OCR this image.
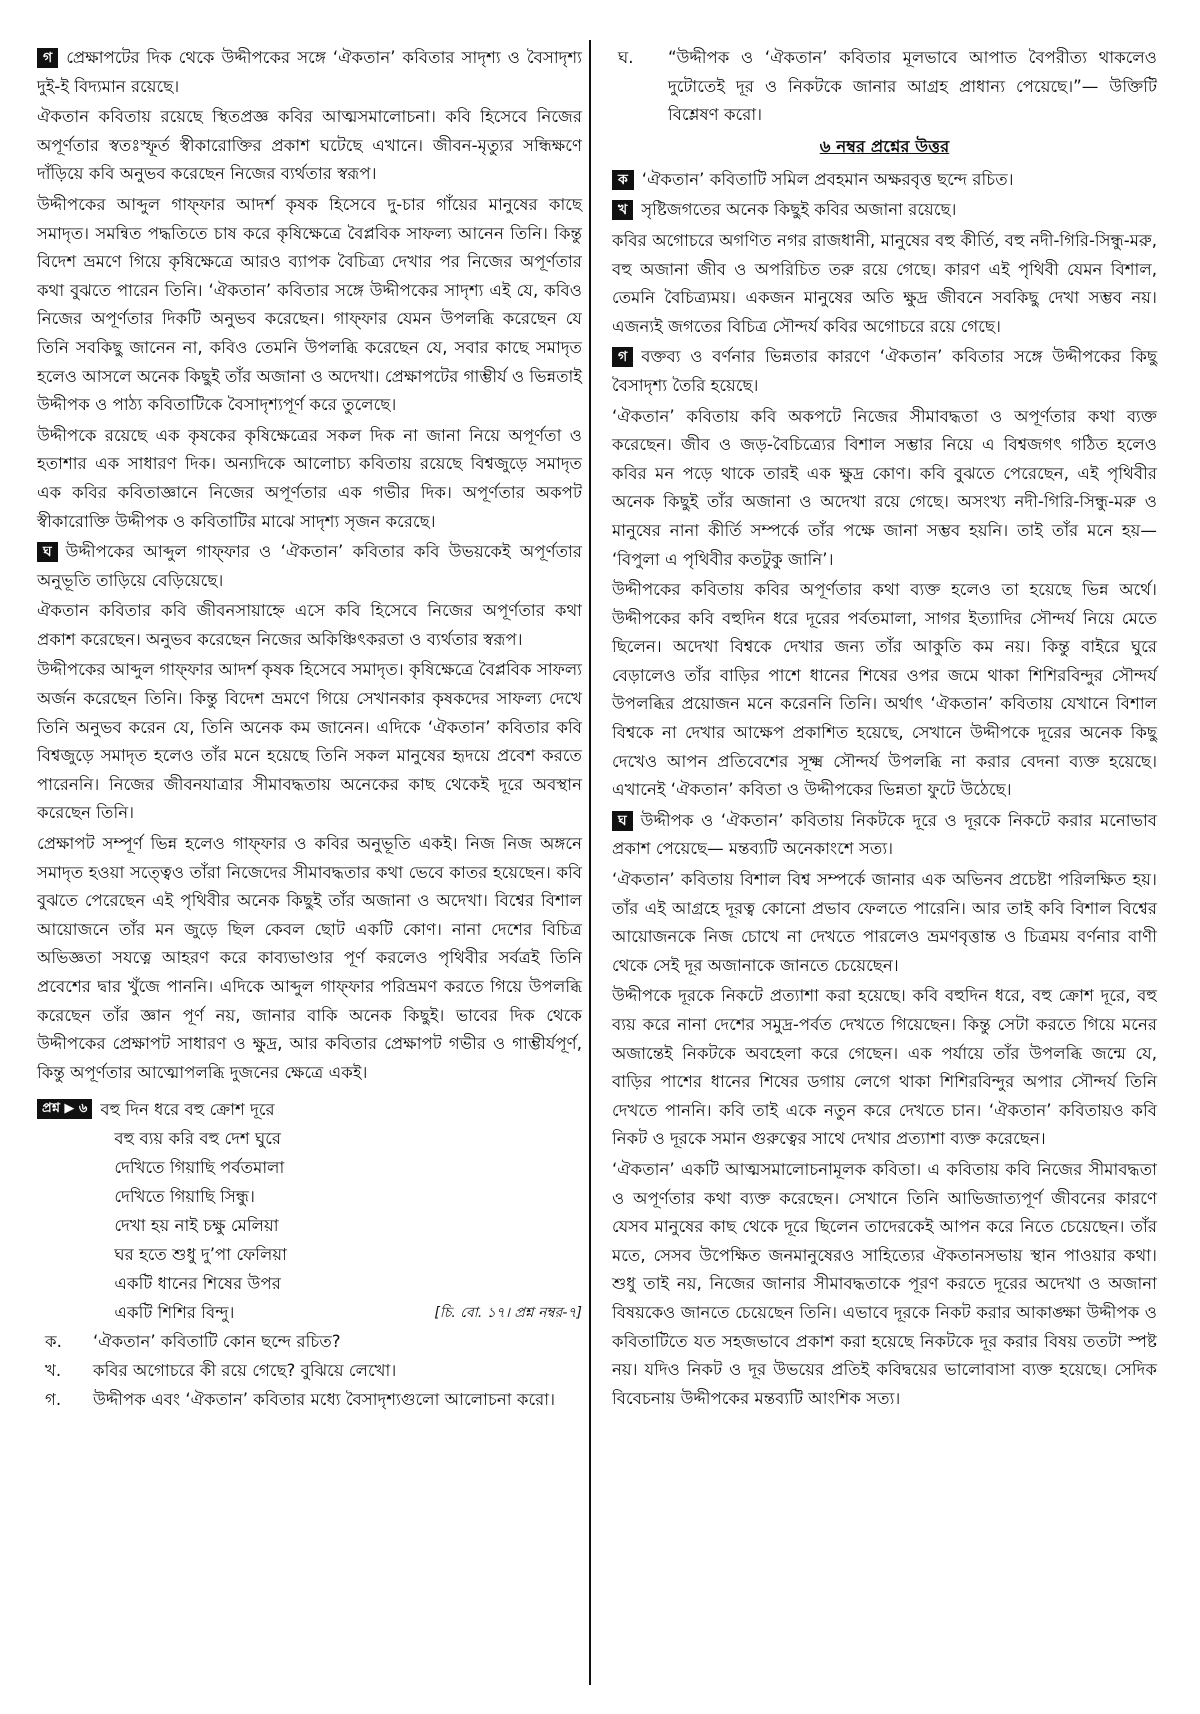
গ প্রেক্ষাপটের দিক থেকে উদ্দীপকের সঙ্গে ‘ঐকতান’ কবিতার সাদৃশ্য ও বৈসাদৃশ্য দুই-ই বিদ্যমান রয়েছে।

ঐকতান কবিতায় রয়েছে স্থিতপ্রজ্ঞ কবির আত্মসমালোচনা। কবি হিসেবে নিজের অপূর্ণতার স্বতঃস্ফূর্ত স্বীকারোক্তির প্রকাশ ঘটেছে এখানে। জীবন-মৃত্যুর সন্ধিক্ষণে দাঁড়িয়ে কবি অনুভব করেছেন নিজের ব্যর্থতার স্বরূপ।

উদ্দীপকের আব্দুল গাফ্ফার আদর্শ কৃষক হিসেবে দু-চার গাঁয়ের মানুষের কাছে সমাদৃত। সমন্বিত পদ্ধতিতে চাষ করে কৃষিক্ষেত্রে বৈপ্লবিক সাফল্য আনেন তিনি। কিন্তু বিদেশ ভ্রমণে গিয়ে কৃষিক্ষেত্রে আরও ব্যাপক বৈচিত্র্য দেখার পর নিজের অপূর্ণতার কথা বুঝতে পারেন তিনি। ‘ঐকতান’ কবিতার সঙ্গে উদ্দীপকের সাদৃশ্য এই যে, কবিও নিজের অপূর্ণতার দিকটি অনুভব করেছেন। গাফ্ফার যেমন উপলব্ধি করেছেন যে তিনি সবকিছু জানেন না, কবিও তেমনি উপলব্ধি করেছেন যে, সবার কাছে সমাদৃত হলেও আসলে অনেক কিছুই তাঁর অজানা ও অদেখা। প্রেক্ষাপটের গাম্ভীর্য ও ভিন্নতাই উদ্দীপক ও পাঠ্য কবিতাটিকে বৈসাদৃশ্যপূর্ণ করে তুলেছে।

উদ্দীপকে রয়েছে এক কৃষকের কৃষিক্ষেত্রের সকল দিক না জানা নিয়ে অপূর্ণতা ও হতাশার এক সাধারণ দিক। অন্যদিকে আলোচ্য কবিতায় রয়েছে বিশ্বজুড়ে সমাদৃত এক কবির কবিতাজ্ঞানে নিজের অপূর্ণতার এক গভীর দিক। অপূর্ণতার অকপট স্বীকারোক্তি উদ্দীপক ও কবিতাটির মাঝে সাদৃশ্য সৃজন করেছে।

ঘ উদ্দীপকের আব্দুল গাফ্ফার ও ‘ঐকতান’ কবিতার কবি উভয়কেই অপূর্ণতার অনুভূতি তাড়িয়ে বেড়িয়েছে।

ঐকতান কবিতার কবি জীবনসায়াহ্নে এসে কবি হিসেবে নিজের অপূর্ণতার কথা প্রকাশ করেছেন। অনুভব করেছেন নিজের অকিঞ্চিৎকরতা ও ব্যর্থতার স্বরূপ।

উদ্দীপকের আব্দুল গাফ্ফার আদর্শ কৃষক হিসেবে সমাদৃত। কৃষিক্ষেত্রে বৈপ্লবিক সাফল্য অর্জন করেছেন তিনি। কিন্তু বিদেশ ভ্রমণে গিয়ে সেখানকার কৃষকদের সাফল্য দেখে তিনি অনুভব করেন যে, তিনি অনেক কম জানেন। এদিকে ‘ঐকতান’ কবিতার কবি বিশ্বজুড়ে সমাদৃত হলেও তাঁর মনে হয়েছে তিনি সকল মানুষের হৃদয়ে প্রবেশ করতে পারেননি। নিজের জীবনযাত্রার সীমাবদ্ধতায় অনেকের কাছ থেকেই দূরে অবস্থান করেছেন তিনি।

প্রেক্ষাপট সম্পূর্ণ ভিন্ন হলেও গাফ্ফার ও কবির অনুভূতি একই। নিজ নিজ অঙ্গনে সমাদৃত হওয়া সত্ত্বেও তাঁরা নিজেদের সীমাবদ্ধতার কথা ভেবে কাতর হয়েছেন। কবি বুঝতে পেরেছেন এই পৃথিবীর অনেক কিছুই তাঁর অজানা ও অদেখা। বিশ্বের বিশাল আয়োজনে তাঁর মন জুড়ে ছিল কেবল ছোট একটি কোণ। নানা দেশের বিচিত্র অভিজ্ঞতা সযত্নে আহরণ করে কাব্যভাণ্ডার পূর্ণ করলেও পৃথিবীর সর্বত্রই তিনি প্রবেশের দ্বার খুঁজে পাননি। এদিকে আব্দুল গাফ্ফার পরিভ্রমণ করতে গিয়ে উপলব্ধি করেছেন তাঁর জ্ঞান পূর্ণ নয়, জানার বাকি অনেক কিছুই। ভাবের দিক থেকে উদ্দীপকের প্রেক্ষাপট সাধারণ ও ক্ষুদ্র, আর কবিতার প্রেক্ষাপট গভীর ও গাম্ভীর্যপূর্ণ, কিন্তু অপূর্ণতার আত্মোপলব্ধি দুজনের ক্ষেত্রে একই।

প্রশ্ন ▶ ৬ বহু দিন ধরে বহু ক্রোশ দূরে
বহু ব্যয় করি বহু দেশ ঘুরে
দেখিতে গিয়াছি পর্বতমালা
দেখিতে গিয়াছি সিন্ধু।
দেখা হয় নাই চক্ষু মেলিয়া
ঘর হতে শুধু দু’পা ফেলিয়া
একটি ধানের শিষের উপর
একটি শিশির বিন্দু।	[চি. বো. ১৭। প্রশ্ন নম্বর-৭]
ক.	‘ঐকতান’ কবিতাটি কোন ছন্দে রচিত?
খ.	কবির অগোচরে কী রয়ে গেছে? বুঝিয়ে লেখো।
গ.	উদ্দীপক এবং ‘ঐকতান’ কবিতার মধ্যে বৈসাদৃশ্যগুলো আলোচনা করো।
ঘ.	“উদ্দীপক ও ‘ঐকতান’ কবিতার মূলভাবে আপাত বৈপরীত্য থাকলেও দুটোতেই দূর ও নিকটকে জানার আগ্রহ প্রাধান্য পেয়েছে।”— উক্তিটি বিশ্লেষণ করো।
৬ নম্বর প্রশ্নের উত্তর

ক ‘ঐকতান’ কবিতাটি সমিল প্রবহমান অক্ষরবৃত্ত ছন্দে রচিত।

খ সৃষ্টিজগতের অনেক কিছুই কবির অজানা রয়েছে।

কবির অগোচরে অগণিত নগর রাজধানী, মানুষের বহু কীর্তি, বহু নদী-গিরি-সিন্ধু-মরু, বহু অজানা জীব ও অপরিচিত তরু রয়ে গেছে। কারণ এই পৃথিবী যেমন বিশাল, তেমনি বৈচিত্র্যময়। একজন মানুষের অতি ক্ষুদ্র জীবনে সবকিছু দেখা সম্ভব নয়। এজন্যই জগতের বিচিত্র সৌন্দর্য কবির অগোচরে রয়ে গেছে।

গ বক্তব্য ও বর্ণনার ভিন্নতার কারণে ‘ঐকতান’ কবিতার সঙ্গে উদ্দীপকের কিছু বৈসাদৃশ্য তৈরি হয়েছে।

‘ঐকতান’ কবিতায় কবি অকপটে নিজের সীমাবদ্ধতা ও অপূর্ণতার কথা ব্যক্ত করেছেন। জীব ও জড়-বৈচিত্র্যের বিশাল সম্ভার নিয়ে এ বিশ্বজগৎ গঠিত হলেও কবির মন পড়ে থাকে তারই এক ক্ষুদ্র কোণ। কবি বুঝতে পেরেছেন, এই পৃথিবীর অনেক কিছুই তাঁর অজানা ও অদেখা রয়ে গেছে। অসংখ্য নদী-গিরি-সিন্ধু-মরু ও মানুষের নানা কীর্তি সম্পর্কে তাঁর পক্ষে জানা সম্ভব হয়নি। তাই তাঁর মনে হয়— ‘বিপুলা এ পৃথিবীর কতটুকু জানি’।

উদ্দীপকের কবিতায় কবির অপূর্ণতার কথা ব্যক্ত হলেও তা হয়েছে ভিন্ন অর্থে। উদ্দীপকের কবি বহুদিন ধরে দূরের পর্বতমালা, সাগর ইত্যাদির সৌন্দর্য নিয়ে মেতে ছিলেন। অদেখা বিশ্বকে দেখার জন্য তাঁর আকুতি কম নয়। কিন্তু বাইরে ঘুরে বেড়ালেও তাঁর বাড়ির পাশে ধানের শিষের ওপর জমে থাকা শিশিরবিন্দুর সৌন্দর্য উপলব্ধির প্রয়োজন মনে করেননি তিনি। অর্থাৎ ‘ঐকতান’ কবিতায় যেখানে বিশাল বিশ্বকে না দেখার আক্ষেপ প্রকাশিত হয়েছে, সেখানে উদ্দীপকে দূরের অনেক কিছু দেখেও আপন প্রতিবেশের সূক্ষ্ম সৌন্দর্য উপলব্ধি না করার বেদনা ব্যক্ত হয়েছে। এখানেই ‘ঐকতান’ কবিতা ও উদ্দীপকের ভিন্নতা ফুটে উঠেছে।

ঘ উদ্দীপক ও ‘ঐকতান’ কবিতায় নিকটকে দূরে ও দূরকে নিকটে করার মনোভাব প্রকাশ পেয়েছে— মন্তব্যটি অনেকাংশে সত্য।

‘ঐকতান’ কবিতায় বিশাল বিশ্ব সম্পর্কে জানার এক অভিনব প্রচেষ্টা পরিলক্ষিত হয়। তাঁর এই আগ্রহে দূরত্ব কোনো প্রভাব ফেলতে পারেনি। আর তাই কবি বিশাল বিশ্বের আয়োজনকে নিজ চোখে না দেখতে পারলেও ভ্রমণবৃত্তান্ত ও চিত্রময় বর্ণনার বাণী থেকে সেই দূর অজানাকে জানতে চেয়েছেন।

উদ্দীপকে দূরকে নিকটে প্রত্যাশা করা হয়েছে। কবি বহুদিন ধরে, বহু ক্রোশ দূরে, বহু ব্যয় করে নানা দেশের সমুদ্র-পর্বত দেখতে গিয়েছেন। কিন্তু সেটা করতে গিয়ে মনের অজান্তেই নিকটকে অবহেলা করে গেছেন। এক পর্যায়ে তাঁর উপলব্ধি জন্মে যে, বাড়ির পাশের ধানের শিষের ডগায় লেগে থাকা শিশিরবিন্দুর অপার সৌন্দর্য তিনি দেখতে পাননি। কবি তাই একে নতুন করে দেখতে চান। ‘ঐকতান’ কবিতায়ও কবি নিকট ও দূরকে সমান গুরুত্বের সাথে দেখার প্রত্যাশা ব্যক্ত করেছেন।

‘ঐকতান’ একটি আত্মসমালোচনামূলক কবিতা। এ কবিতায় কবি নিজের সীমাবদ্ধতা ও অপূর্ণতার কথা ব্যক্ত করেছেন। সেখানে তিনি আভিজাত্যপূর্ণ জীবনের কারণে যেসব মানুষের কাছ থেকে দূরে ছিলেন তাদেরকেই আপন করে নিতে চেয়েছেন। তাঁর মতে, সেসব উপেক্ষিত জনমানুষেরও সাহিত্যের ঐকতানসভায় স্থান পাওয়ার কথা। শুধু তাই নয়, নিজের জানার সীমাবদ্ধতাকে পূরণ করতে দূরের অদেখা ও অজানা বিষয়কেও জানতে চেয়েছেন তিনি। এভাবে দূরকে নিকট করার আকাঙ্ক্ষা উদ্দীপক ও কবিতাটিতে যত সহজভাবে প্রকাশ করা হয়েছে নিকটকে দূর করার বিষয় ততটা স্পষ্ট নয়। যদিও নিকট ও দূর উভয়ের প্রতিই কবিদ্বয়ের ভালোবাসা ব্যক্ত হয়েছে। সেদিক বিবেচনায় উদ্দীপকের মন্তব্যটি আংশিক সত্য।
